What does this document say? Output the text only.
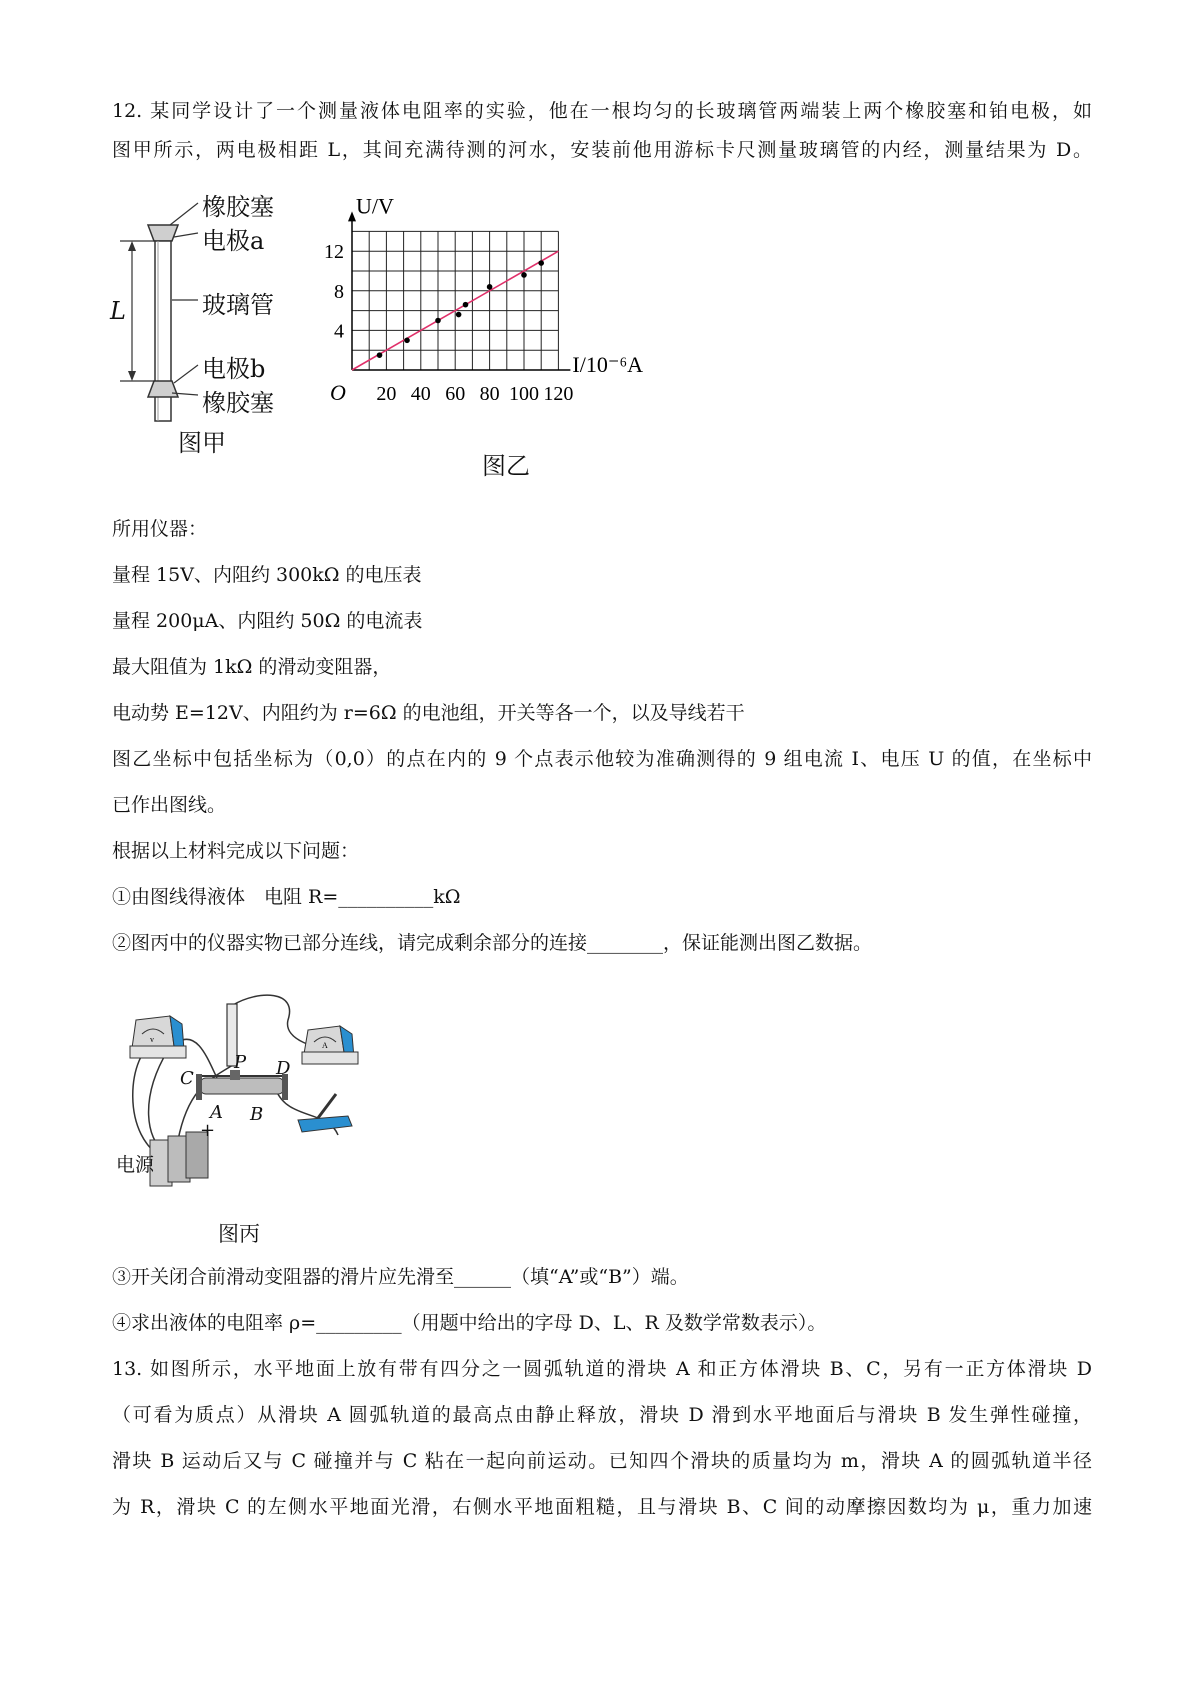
12. 某同学设计了一个测量液体电阻率的实验，他在一根均匀的长玻璃管两端装上两个橡胶塞和铂电极，如
图甲所示，两电极相距 L，其间充满待测的河水，安装前他用游标卡尺测量玻璃管的内经，测量结果为 D。
橡胶塞
电极a
玻璃管
电极b
橡胶塞
L
图甲
20 40 60 80 100 120
4
8
12
O
U/V
I/10⁻⁶A
图乙
所用仪器：
量程 15V、内阻约 300kΩ 的电压表
量程 200μA、内阻约 50Ω 的电流表
最大阻值为 1kΩ 的滑动变阻器，
电动势 E=12V、内阻约为 r=6Ω 的电池组，开关等各一个，以及导线若干
图乙坐标中包括坐标为（0,0）的点在内的 9 个点表示他较为准确测得的 9 组电流 I、电压 U 的值，在坐标中
已作出图线。
根据以上材料完成以下问题：
①由图线得液体　电阻 R=__________kΩ
②图丙中的仪器实物已部分连线，请完成剩余部分的连接________，保证能测出图乙数据。
v
A
电源
+
P
C	D
A B
图丙
③开关闭合前滑动变阻器的滑片应先滑至______（填“A”或“B”）端。
④求出液体的电阻率 ρ=_________（用题中给出的字母 D、L、R 及数学常数表示）。
13. 如图所示，水平地面上放有带有四分之一圆弧轨道的滑块 A 和正方体滑块 B、C，另有一正方体滑块 D
（可看为质点）从滑块 A 圆弧轨道的最高点由静止释放，滑块 D 滑到水平地面后与滑块 B 发生弹性碰撞，
滑块 B 运动后又与 C 碰撞并与 C 粘在一起向前运动。已知四个滑块的质量均为 m，滑块 A 的圆弧轨道半径
为 R，滑块 C 的左侧水平地面光滑，右侧水平地面粗糙，且与滑块 B、C 间的动摩擦因数均为 μ，重力加速
